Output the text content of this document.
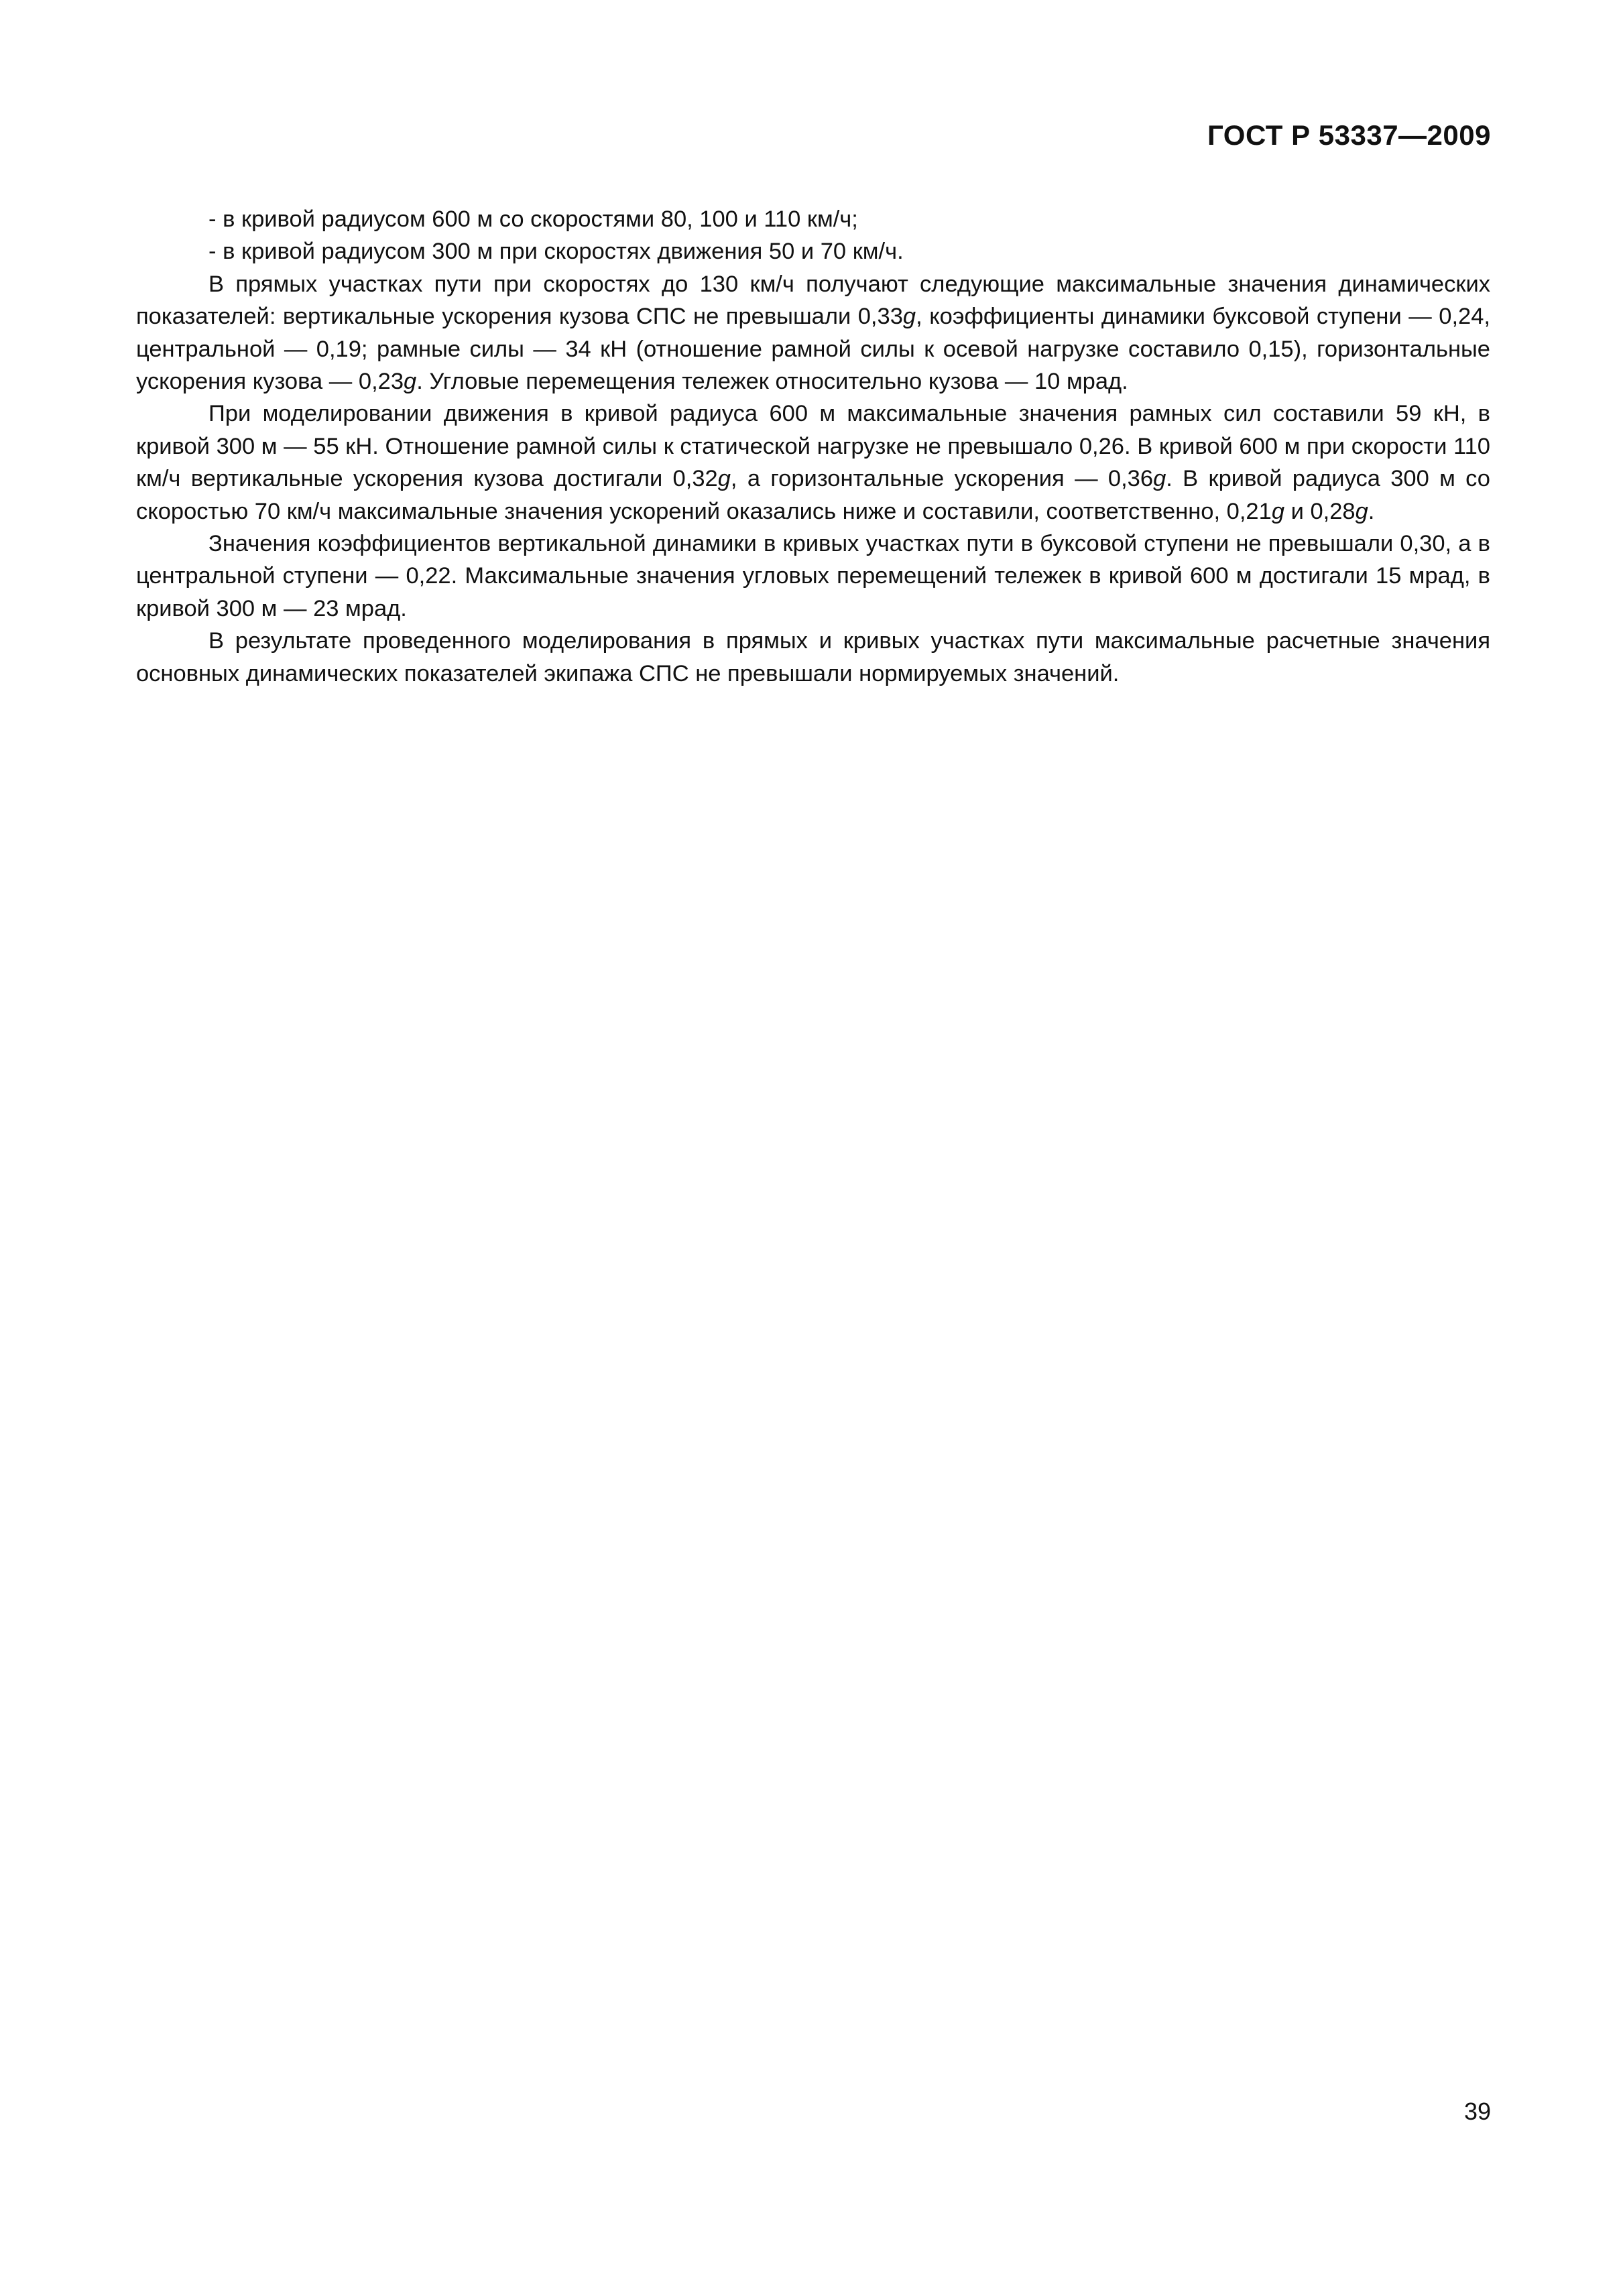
ГОСТ Р 53337—2009

- в кривой радиусом 600 м со скоростями 80, 100 и 110 км/ч;

- в кривой радиусом 300 м при скоростях движения 50 и 70 км/ч.

В прямых участках пути при скоростях до 130 км/ч получают следующие максимальные значения динамических показателей: вертикальные ускорения кузова СПС не превышали 0,33g, коэффициенты динамики буксовой ступени — 0,24, центральной — 0,19; рамные силы — 34 кН (отношение рамной силы к осевой нагрузке составило 0,15), горизонтальные ускорения кузова — 0,23g. Угловые перемещения тележек относительно кузова — 10 мрад.

При моделировании движения в кривой радиуса 600 м максимальные значения рамных сил составили 59 кН, в кривой 300 м — 55 кН. Отношение рамной силы к статической нагрузке не превышало 0,26. В кривой 600 м при скорости 110 км/ч вертикальные ускорения кузова достигали 0,32g, а горизонтальные ускорения — 0,36g. В кривой радиуса 300 м со скоростью 70 км/ч максимальные значения ускорений оказались ниже и составили, соответственно, 0,21g и 0,28g.

Значения коэффициентов вертикальной динамики в кривых участках пути в буксовой ступени не превышали 0,30, а в центральной ступени — 0,22. Максимальные значения угловых перемещений тележек в кривой 600 м достигали 15 мрад, в кривой 300 м — 23 мрад.

В результате проведенного моделирования в прямых и кривых участках пути максимальные расчетные значения основных динамических показателей экипажа СПС не превышали нормируемых значений.

39
